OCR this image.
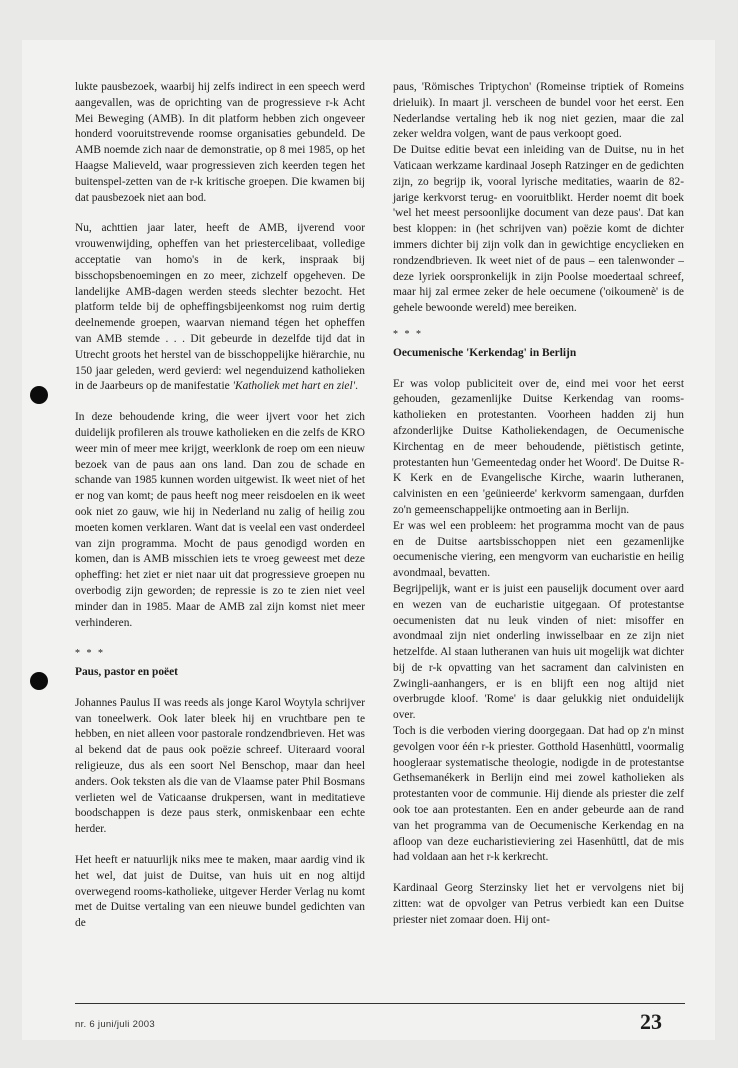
lukte pausbezoek, waarbij hij zelfs indirect in een speech werd aangevallen, was de oprichting van de progressieve r-k Acht Mei Beweging (AMB). In dit platform hebben zich ongeveer honderd vooruitstrevende roomse organisaties gebundeld. De AMB noemde zich naar de demonstratie, op 8 mei 1985, op het Haagse Malieveld, waar progressieven zich keerden tegen het buitenspel-zetten van de r-k kritische groepen. Die kwamen bij dat pausbezoek niet aan bod.

Nu, achttien jaar later, heeft de AMB, ijverend voor vrouwenwijding, opheffen van het priestercelibaat, volledige acceptatie van homo's in de kerk, inspraak bij bisschopsbenoemingen en zo meer, zichzelf opgeheven. De landelijke AMB-dagen werden steeds slechter bezocht. Het platform telde bij de opheffingsbijeenkomst nog ruim dertig deelnemende groepen, waarvan niemand tégen het opheffen van AMB stemde . . . Dit gebeurde in dezelfde tijd dat in Utrecht groots het herstel van de bisschoppelijke hiërarchie, nu 150 jaar geleden, werd gevierd: wel negenduizend katholieken in de Jaarbeurs op de manifestatie 'Katholiek met hart en ziel'.

In deze behoudende kring, die weer ijvert voor het zich duidelijk profileren als trouwe katholieken en die zelfs de KRO weer min of meer mee krijgt, weerklonk de roep om een nieuw bezoek van de paus aan ons land. Dan zou de schade en schande van 1985 kunnen worden uitgewist. Ik weet niet of het er nog van komt; de paus heeft nog meer reisdoelen en ik weet ook niet zo gauw, wie hij in Nederland nu zalig of heilig zou moeten komen verklaren. Want dat is veelal een vast onderdeel van zijn programma. Mocht de paus genodigd worden en komen, dan is AMB misschien iets te vroeg geweest met deze opheffing: het ziet er niet naar uit dat progressieve groepen nu overbodig zijn geworden; de repressie is zo te zien niet veel minder dan in 1985. Maar de AMB zal zijn komst niet meer verhinderen.

* * *

Paus, pastor en poëet

Johannes Paulus II was reeds als jonge Karol Woytyla schrijver van toneelwerk. Ook later bleek hij en vruchtbare pen te hebben, en niet alleen voor pastorale rondzendbrieven. Het was al bekend dat de paus ook poëzie schreef. Uiteraard vooral religieuze, dus als een soort Nel Benschop, maar dan heel anders. Ook teksten als die van de Vlaamse pater Phil Bosmans verlieten wel de Vaticaanse drukpersen, want in meditatieve boodschappen is deze paus sterk, onmiskenbaar een echte herder.

Het heeft er natuurlijk niks mee te maken, maar aardig vind ik het wel, dat juist de Duitse, van huis uit en nog altijd overwegend rooms-katholieke, uitgever Herder Verlag nu komt met de Duitse vertaling van een nieuwe bundel gedichten van de

paus, 'Römisches Triptychon' (Romeinse triptiek of Romeins drieluik). In maart jl. verscheen de bundel voor het eerst. Een Nederlandse vertaling heb ik nog niet gezien, maar die zal zeker weldra volgen, want de paus verkoopt goed.

De Duitse editie bevat een inleiding van de Duitse, nu in het Vaticaan werkzame kardinaal Joseph Ratzinger en de gedichten zijn, zo begrijp ik, vooral lyrische meditaties, waarin de 82-jarige kerkvorst terug- en vooruitblikt. Herder noemt dit boek 'wel het meest persoonlijke document van deze paus'. Dat kan best kloppen: in (het schrijven van) poëzie komt de dichter immers dichter bij zijn volk dan in gewichtige encyclieken en rondzendbrieven. Ik weet niet of de paus – een talenwonder – deze lyriek oorspronkelijk in zijn Poolse moedertaal schreef, maar hij zal ermee zeker de hele oecumene ('oikoumenè' is de gehele bewoonde wereld) mee bereiken.

* * *

Oecumenische 'Kerkendag' in Berlijn

Er was volop publiciteit over de, eind mei voor het eerst gehouden, gezamenlijke Duitse Kerkendag van rooms-katholieken en protestanten. Voorheen hadden zij hun afzonderlijke Duitse Katholiekendagen, de Oecumenische Kirchentag en de meer behoudende, piëtistisch getinte, protestanten hun 'Gemeentedag onder het Woord'. De Duitse R-K Kerk en de Evangelische Kirche, waarin lutheranen, calvinisten en een 'geünieerde' kerkvorm samengaan, durfden zo'n gemeenschappelijke ontmoeting aan in Berlijn.

Er was wel een probleem: het programma mocht van de paus en de Duitse aartsbisschoppen niet een gezamenlijke oecumenische viering, een mengvorm van eucharistie en heilig avondmaal, bevatten.

Begrijpelijk, want er is juist een pauselijk document over aard en wezen van de eucharistie uitgegaan. Of protestantse oecumenisten dat nu leuk vinden of niet: misoffer en avondmaal zijn niet onderling inwisselbaar en ze zijn niet hetzelfde. Al staan lutheranen van huis uit mogelijk wat dichter bij de r-k opvatting van het sacrament dan calvinisten en Zwingli-aanhangers, er is en blijft een nog altijd niet overbrugde kloof. 'Rome' is daar gelukkig niet onduidelijk over.

Toch is die verboden viering doorgegaan. Dat had op z'n minst gevolgen voor één r-k priester. Gotthold Hasenhüttl, voormalig hoogleraar systematische theologie, nodigde in de protestantse Gethsemanékerk in Berlijn eind mei zowel katholieken als protestanten voor de communie. Hij diende als priester die zelf ook toe aan protestanten. Een en ander gebeurde aan de rand van het programma van de Oecumenische Kerkendag en na afloop van deze eucharistieviering zei Hasenhüttl, dat de mis had voldaan aan het r-k kerkrecht.

Kardinaal Georg Sterzinsky liet het er vervolgens niet bij zitten: wat de opvolger van Petrus verbiedt kan een Duitse priester niet zomaar doen. Hij ont-

nr. 6 juni/juli 2003	23
